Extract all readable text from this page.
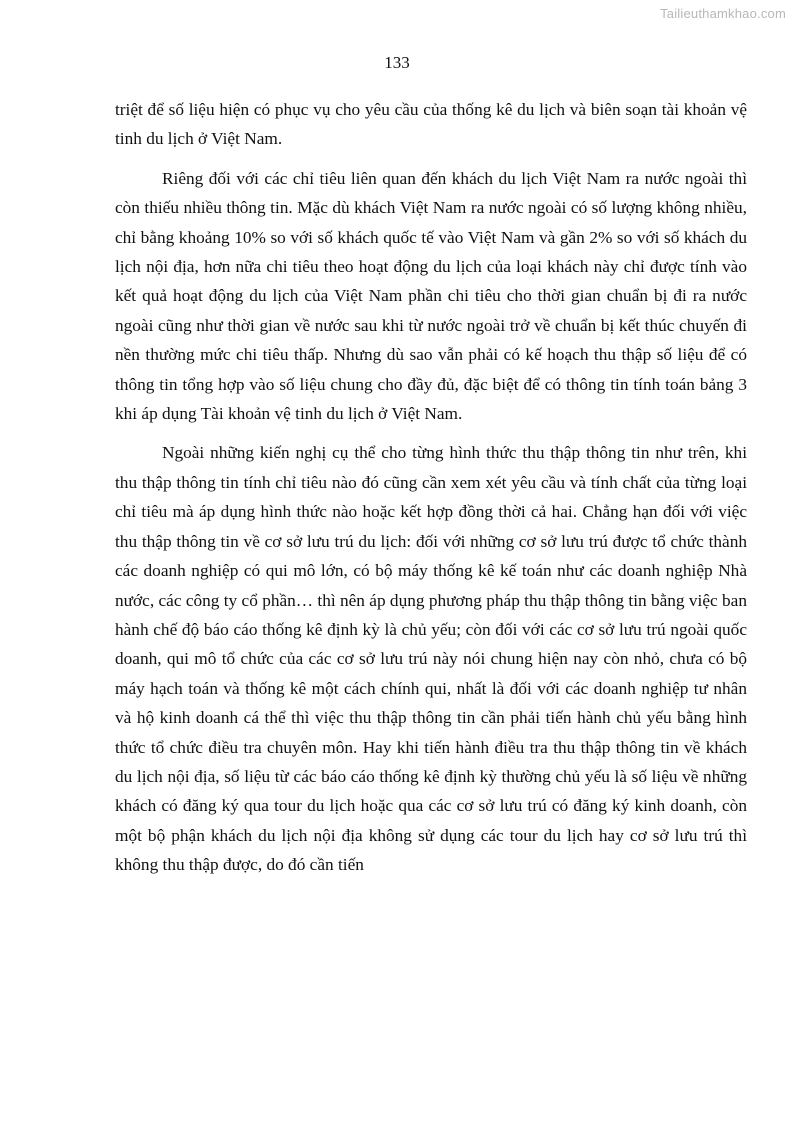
Tailieuthamkhao.com
133

triệt để số liệu hiện có phục vụ cho yêu cầu của thống kê du lịch và biên soạn tài khoản vệ tinh du lịch ở Việt Nam.

Riêng đối với các chỉ tiêu liên quan đến khách du lịch Việt Nam ra nước ngoài thì còn thiếu nhiều thông tin. Mặc dù khách Việt Nam ra nước ngoài có số lượng không nhiều, chỉ bằng khoảng 10% so với số khách quốc tế vào Việt Nam và gần 2% so với số khách du lịch nội địa, hơn nữa chi tiêu theo hoạt động du lịch của loại khách này chỉ được tính vào kết quả hoạt động du lịch của Việt Nam phần chi tiêu cho thời gian chuẩn bị đi ra nước ngoài cũng như thời gian về nước sau khi từ nước ngoài trở về chuẩn bị kết thúc chuyến đi nền thường mức chi tiêu thấp. Nhưng dù sao vẫn phải có kế hoạch thu thập số liệu để có thông tin tổng hợp vào số liệu chung cho đầy đủ, đặc biệt để có thông tin tính toán bảng 3 khi áp dụng Tài khoản vệ tinh du lịch ở Việt Nam.

Ngoài những kiến nghị cụ thể cho từng hình thức thu thập thông tin như trên, khi thu thập thông tin tính chỉ tiêu nào đó cũng cần xem xét yêu cầu và tính chất của từng loại chỉ tiêu mà áp dụng hình thức nào hoặc kết hợp đồng thời cả hai. Chẳng hạn đối với việc thu thập thông tin về cơ sở lưu trú du lịch: đối với những cơ sở lưu trú được tổ chức thành các doanh nghiệp có qui mô lớn, có bộ máy thống kê kế toán như các doanh nghiệp Nhà nước, các công ty cổ phần… thì nên áp dụng phương pháp thu thập thông tin bằng việc ban hành chế độ báo cáo thống kê định kỳ là chủ yếu; còn đối với các cơ sở lưu trú ngoài quốc doanh, qui mô tổ chức của các cơ sở lưu trú này nói chung hiện nay còn nhỏ, chưa có bộ máy hạch toán và thống kê một cách chính qui, nhất là đối với các doanh nghiệp tư nhân và hộ kinh doanh cá thể thì việc thu thập thông tin cần phải tiến hành chủ yếu bằng hình thức tổ chức điều tra chuyên môn. Hay khi tiến hành điều tra thu thập thông tin về khách du lịch nội địa, số liệu từ các báo cáo thống kê định kỳ thường chủ yếu là số liệu về những khách có đăng ký qua tour du lịch hoặc qua các cơ sở lưu trú có đăng ký kinh doanh, còn một bộ phận khách du lịch nội địa không sử dụng các tour du lịch hay cơ sở lưu trú thì không thu thập được, do đó cần tiến
